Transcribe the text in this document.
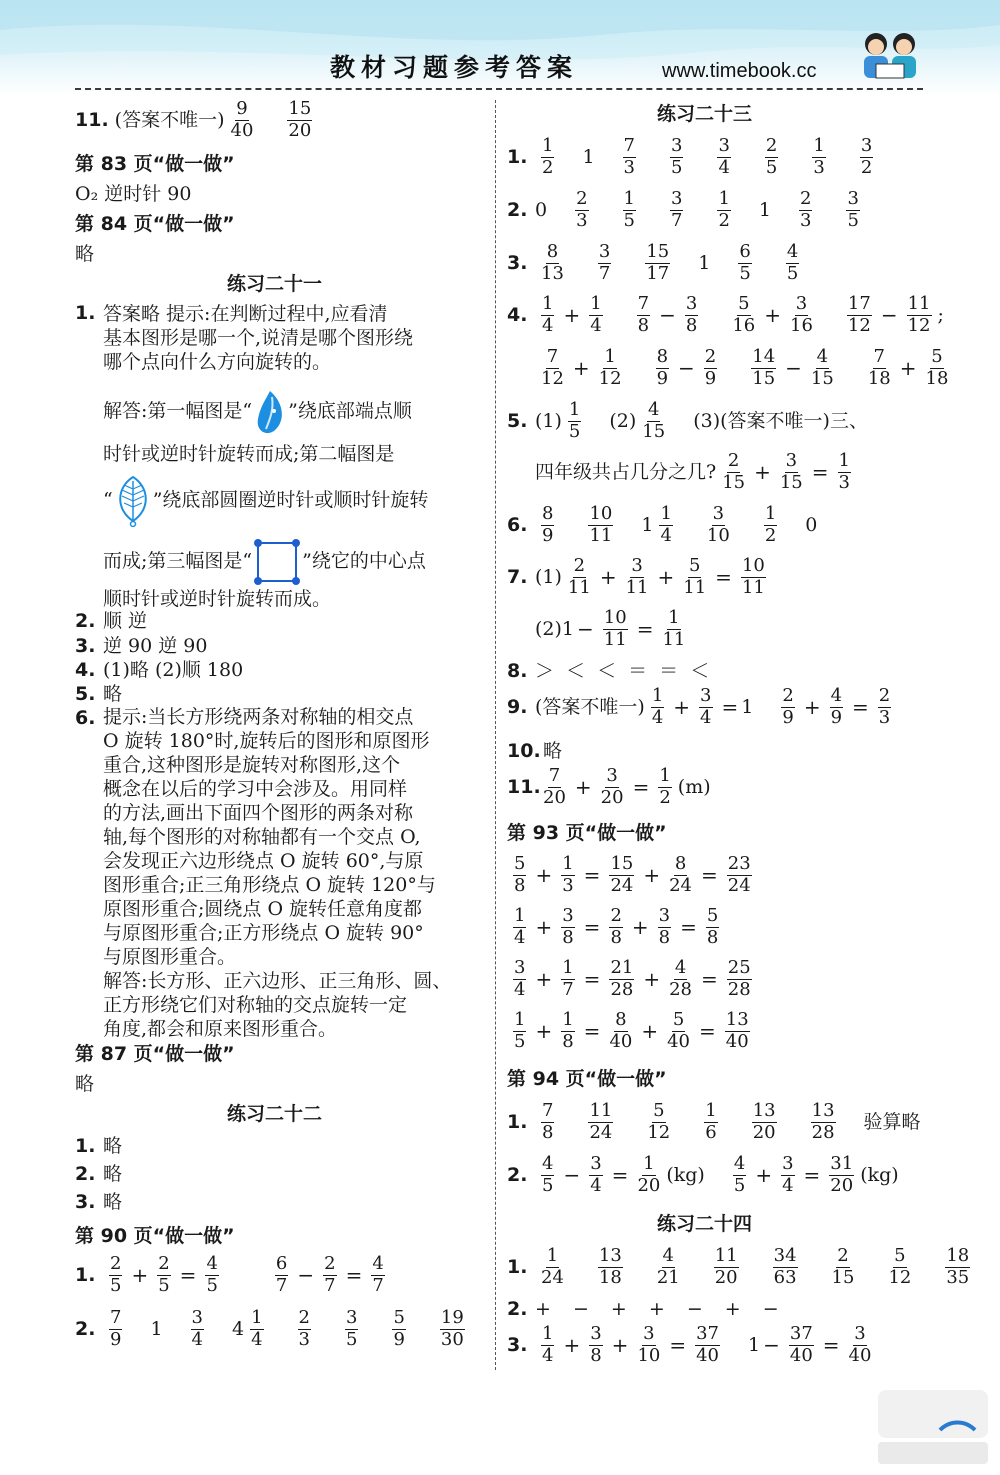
教材习题参考答案	www.timebook.cc
11. (答案不唯一) $\frac{9}{40} \frac{15}{20}$
第 83 页“做一做”
O₂ 逆时针 90
第 84 页“做一做”
略
练习二十一
1. 答案略 提示:在判断过程中,应看清
基本图形是哪一个,说清是哪个图形绕
哪个点向什么方向旋转的。
解答:第一幅图是“ ”绕底部端点顺
时针或逆时针旋转而成;第二幅图是
“ ”绕底部圆圈逆时针或顺时针旋转
而成;第三幅图是“	”绕它的中心点
顺时针或逆时针旋转而成。
2. 顺 逆
3. 逆 90 逆 90
4. (1)略 (2)顺 180
5. 略
6. 提示:当长方形绕两条对称轴的相交点
O 旋转 180°时,旋转后的图形和原图形
重合,这种图形是旋转对称图形,这个
概念在以后的学习中会涉及。用同样
的方法,画出下面四个图形的两条对称
轴,每个图形的对称轴都有一个交点 O,
会发现正六边形绕点 O 旋转 60°,与原
图形重合;正三角形绕点 O 旋转 120°与
原图形重合;圆绕点 O 旋转任意角度都
与原图形重合;正方形绕点 O 旋转 90°
与原图形重合。
解答:长方形、正六边形、正三角形、圆、
正方形绕它们对称轴的交点旋转一定
角度,都会和原来图形重合。
第 87 页“做一做”
略
练习二十二
1. 略
2. 略
3. 略
第 90 页“做一做”
1. $\frac{2}{5} + \frac{2}{5} = \frac{4}{5}$	$\frac{6}{7} - \frac{2}{7} = \frac{4}{7}$
2. $\frac{7}{9} 1 \frac{3}{4} 4 \frac{1}{4} \frac{2}{3} \frac{3}{5} \frac{5}{9} \frac{19}{30}$
练习二十三
1. $\frac{1}{2} 1 \frac{7}{3} \frac{3}{5} \frac{3}{4} \frac{2}{5} \frac{1}{3} \frac{3}{2}$
2. $0 \frac{2}{3} \frac{1}{5} \frac{3}{7} \frac{1}{2} 1 \frac{2}{3} \frac{3}{5}$
3. $\frac{8}{13} \frac{3}{7} \frac{15}{17} 1 \frac{6}{5} \frac{4}{5}$
4. $\frac{1}{4} + \frac{1}{4} \frac{7}{8} - \frac{3}{8} \frac{5}{16} + \frac{3}{16} \frac{17}{12} - \frac{11}{12}$ ;
$\frac{7}{12} + \frac{1}{12} \frac{8}{9} - \frac{2}{9} \frac{14}{15} - \frac{4}{15} \frac{7}{18} + \frac{5}{18}$
5. $(1) \frac{1}{5} (2) \frac{4}{15} (3)$(答案不唯一)三、
四年级共占几分之几? $\frac{2}{15} + \frac{3}{15} = \frac{1}{3}$
6. $\frac{8}{9} \frac{10}{11} 1 \frac{1}{4} \frac{3}{10} \frac{1}{2} 0$
7. $(1) \frac{2}{11} + \frac{3}{11} + \frac{5}{11} = \frac{10}{11}$
$(2)1 - \frac{10}{11} = \frac{1}{11}$
8. ＞ ＜ ＜ ＝ ＝ ＜
9. (答案不唯一) $\frac{1}{4} + \frac{3}{4} = 1 \frac{2}{9} + \frac{4}{9} = \frac{2}{3}$
10. 略
11. $\frac{7}{20} + \frac{3}{20} = \frac{1}{2} (m)$
第 93 页“做一做”
$\frac{5}{8} + \frac{1}{3} = \frac{15}{24} + \frac{8}{24} = \frac{23}{24}$
$\frac{1}{4} + \frac{3}{8} = \frac{2}{8} + \frac{3}{8} = \frac{5}{8}$
$\frac{3}{4} + \frac{1}{7} = \frac{21}{28} + \frac{4}{28} = \frac{25}{28}$
$\frac{1}{5} + \frac{1}{8} = \frac{8}{40} + \frac{5}{40} = \frac{13}{40}$
第 94 页“做一做”
1. $\frac{7}{8} \frac{11}{24} \frac{5}{12} \frac{1}{6} \frac{13}{20} \frac{13}{28}$ 验算略
2. $\frac{4}{5} - \frac{3}{4} = \frac{1}{20} (kg) \frac{4}{5} + \frac{3}{4} = \frac{31}{20} (kg)$
练习二十四
1. $\frac{1}{24} \frac{13}{18} \frac{4}{21} \frac{11}{20} \frac{34}{63} \frac{2}{15} \frac{5}{12} \frac{18}{35}$
2. + − + + − + −
3. $\frac{1}{4} + \frac{3}{8} + \frac{3}{10} = \frac{37}{40} 1 - \frac{37}{40} = \frac{3}{40}$
